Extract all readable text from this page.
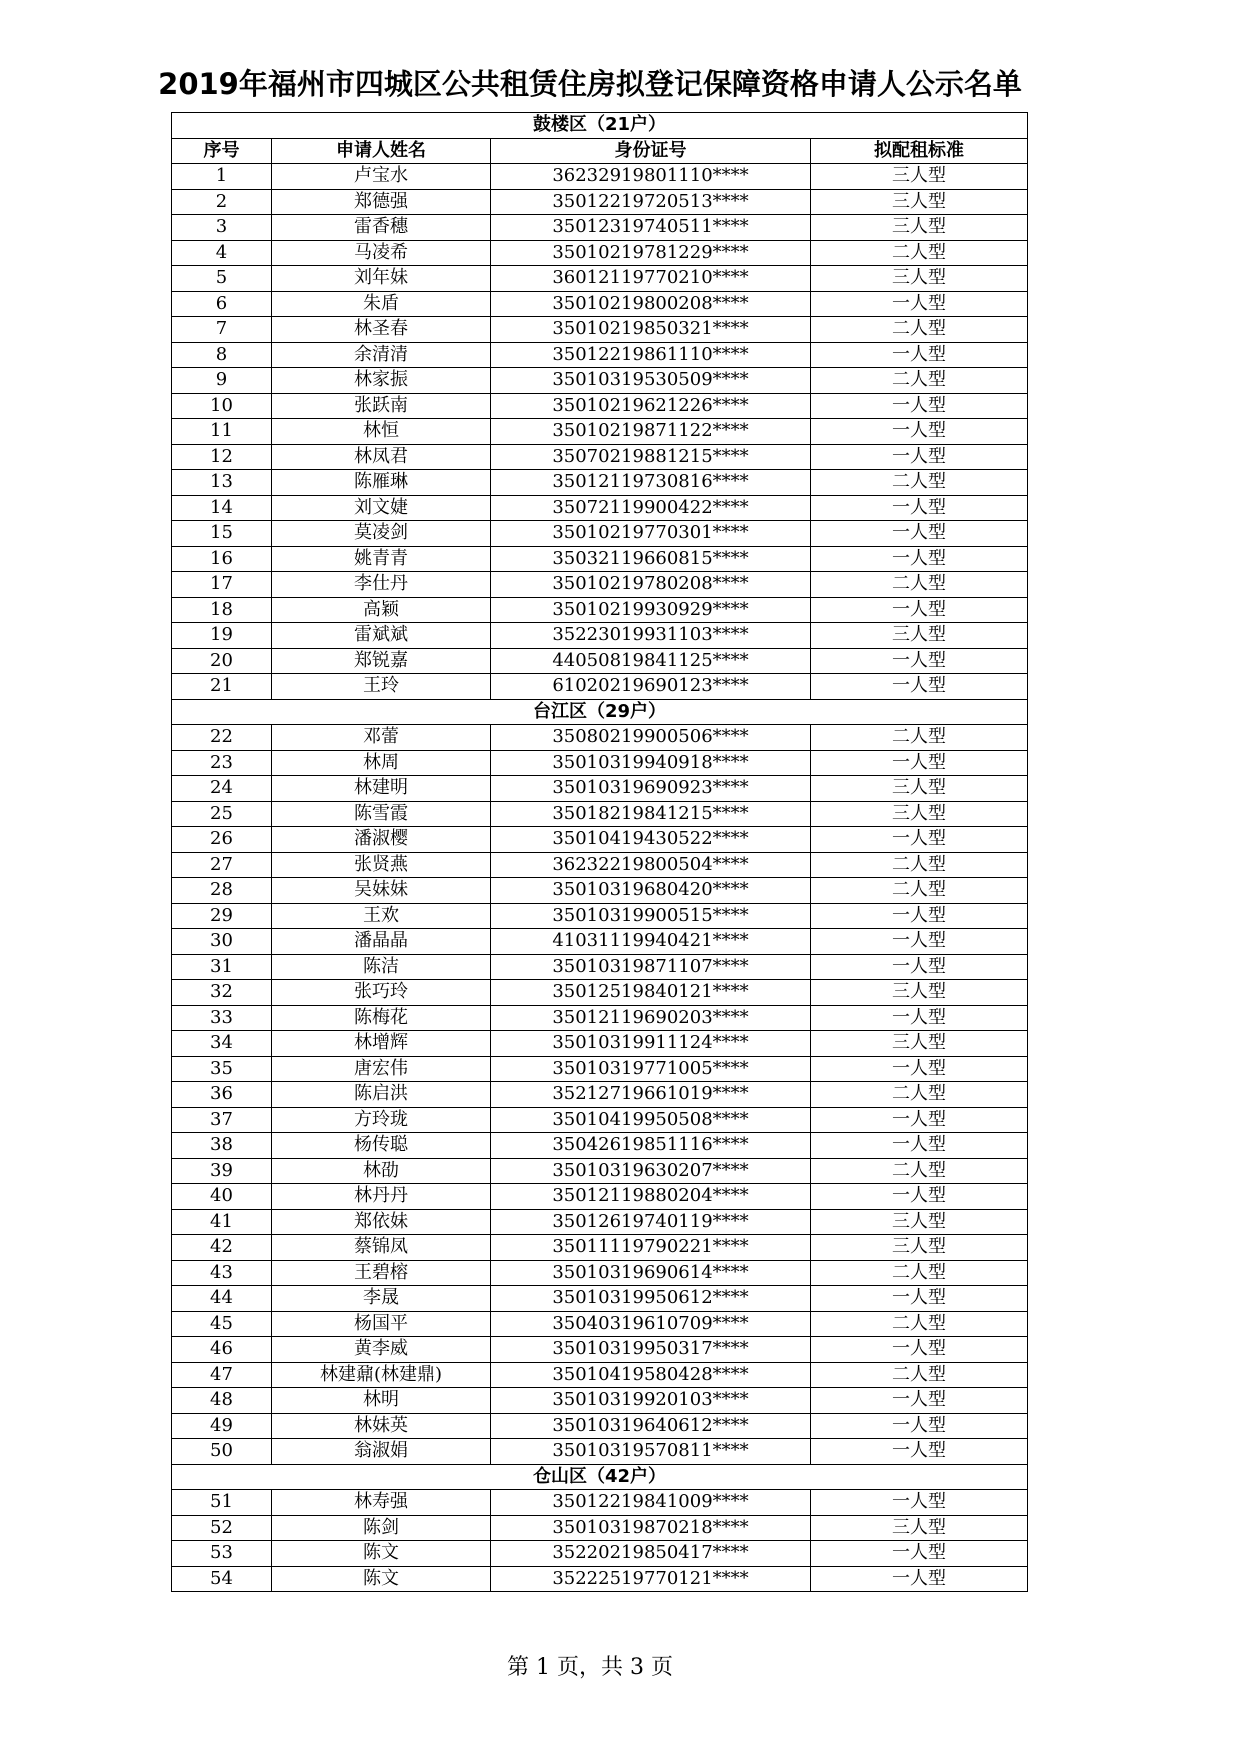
2019年福州市四城区公共租赁住房拟登记保障资格申请人公示名单
鼓楼区（21户）			
序号	申请人姓名	身份证号	拟配租标准
1	卢宝水	36232919801110****	三人型
2	郑德强	35012219720513****	三人型
3	雷香穗	35012319740511****	三人型
4	马凌希	35010219781229****	二人型
5	刘年妹	36012119770210****	三人型
6	朱盾	35010219800208****	一人型
7	林圣春	35010219850321****	二人型
8	余清清	35012219861110****	一人型
9	林家振	35010319530509****	二人型
10	张跃南	35010219621226****	一人型
11	林恒	35010219871122****	一人型
12	林凤君	35070219881215****	一人型
13	陈雁琳	35012119730816****	二人型
14	刘文婕	35072119900422****	一人型
15	莫凌剑	35010219770301****	一人型
16	姚青青	35032119660815****	一人型
17	李仕丹	35010219780208****	二人型
18	高颖	35010219930929****	一人型
19	雷斌斌	35223019931103****	三人型
20	郑锐嘉	44050819841125****	一人型
21	王玲	61020219690123****	一人型
台江区（29户）			
22	邓蕾	35080219900506****	二人型
23	林周	35010319940918****	一人型
24	林建明	35010319690923****	三人型
25	陈雪霞	35018219841215****	三人型
26	潘淑樱	35010419430522****	一人型
27	张贤燕	36232219800504****	二人型
28	吴妹妹	35010319680420****	二人型
29	王欢	35010319900515****	一人型
30	潘晶晶	41031119940421****	一人型
31	陈洁	35010319871107****	一人型
32	张巧玲	35012519840121****	三人型
33	陈梅花	35012119690203****	一人型
34	林增辉	35010319911124****	三人型
35	唐宏伟	35010319771005****	一人型
36	陈启洪	35212719661019****	二人型
37	方玲珑	35010419950508****	一人型
38	杨传聪	35042619851116****	一人型
39	林劭	35010319630207****	二人型
40	林丹丹	35012119880204****	一人型
41	郑依妹	35012619740119****	三人型
42	蔡锦凤	35011119790221****	三人型
43	王碧榕	35010319690614****	二人型
44	李晟	35010319950612****	一人型
45	杨国平	35040319610709****	二人型
46	黄李威	35010319950317****	一人型
47	林建鼐(林建鼎)	35010419580428****	二人型
48	林明	35010319920103****	一人型
49	林妹英	35010319640612****	一人型
50	翁淑娟	35010319570811****	一人型
仓山区（42户）			
51	林寿强	35012219841009****	一人型
52	陈剑	35010319870218****	三人型
53	陈文	35220219850417****	一人型
54	陈文	35222519770121****	一人型
第 1 页，共 3 页
